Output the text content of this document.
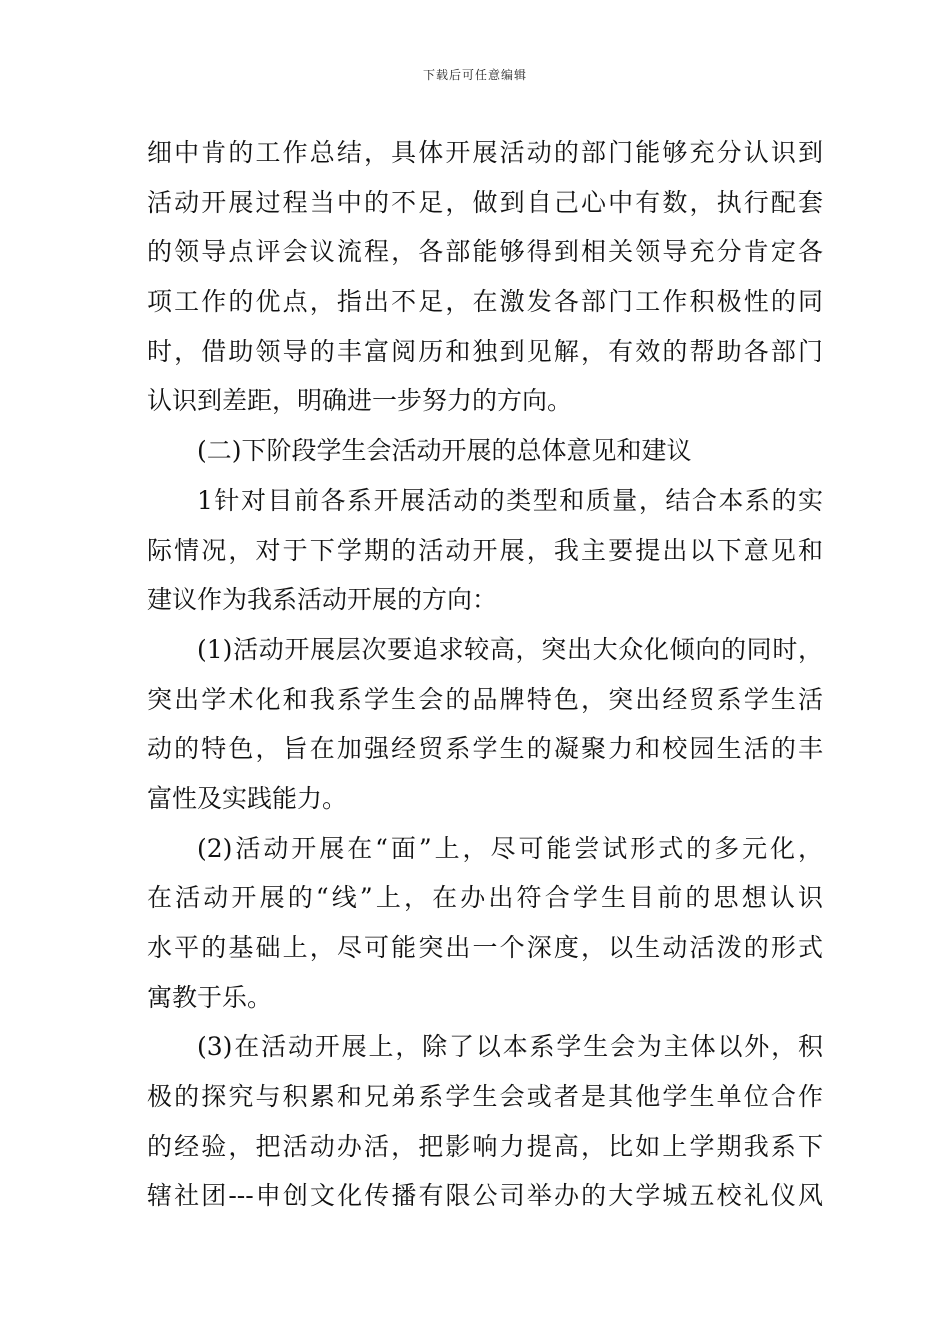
下载后可任意编辑
细中肯的工作总结，具体开展活动的部门能够充分认识到
活动开展过程当中的不足，做到自己心中有数，执行配套
的领导点评会议流程，各部能够得到相关领导充分肯定各
项工作的优点，指出不足，在激发各部门工作积极性的同
时，借助领导的丰富阅历和独到见解，有效的帮助各部门
认识到差距，明确进一步努力的方向。
(二)下阶段学生会活动开展的总体意见和建议
1针对目前各系开展活动的类型和质量，结合本系的实
际情况，对于下学期的活动开展，我主要提出以下意见和
建议作为我系活动开展的方向：
(1)活动开展层次要追求较高，突出大众化倾向的同时，
突出学术化和我系学生会的品牌特色，突出经贸系学生活
动的特色，旨在加强经贸系学生的凝聚力和校园生活的丰
富性及实践能力。
(2)活动开展在“面”上，尽可能尝试形式的多元化，
在活动开展的“线”上，在办出符合学生目前的思想认识
水平的基础上，尽可能突出一个深度，以生动活泼的形式
寓教于乐。
(3)在活动开展上，除了以本系学生会为主体以外，积
极的探究与积累和兄弟系学生会或者是其他学生单位合作
的经验，把活动办活，把影响力提高，比如上学期我系下
辖社团---申创文化传播有限公司举办的大学城五校礼仪风
